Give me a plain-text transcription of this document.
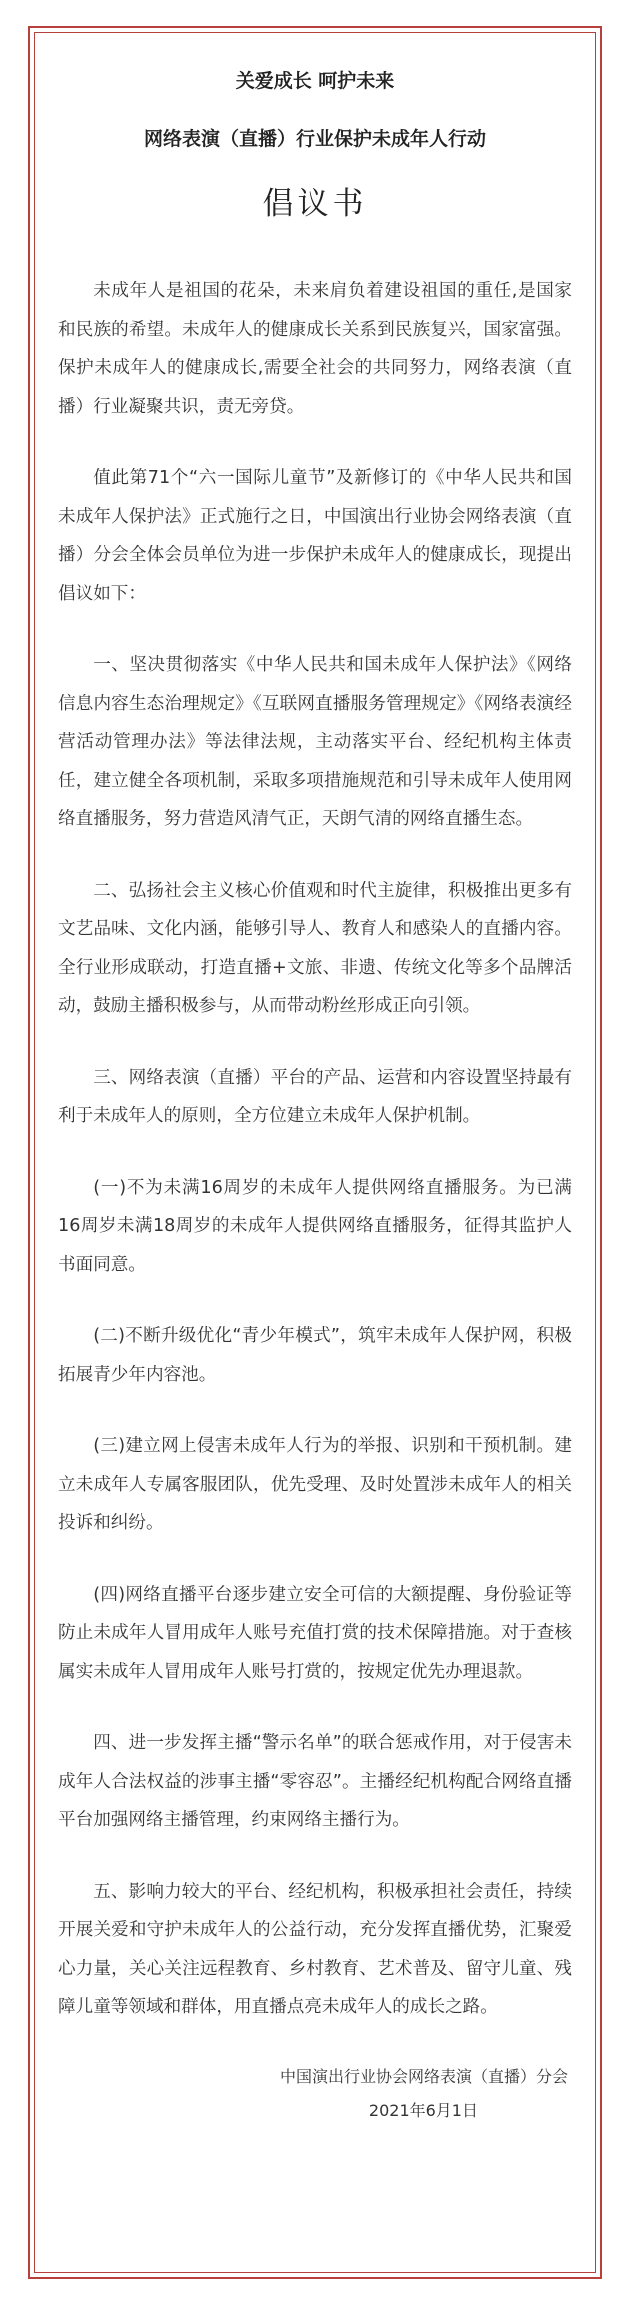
关爱成长 呵护未来
网络表演（直播）行业保护未成年人行动
倡议书

未成年人是祖国的花朵，未来肩负着建设祖国的重任,是国家和民族的希望。未成年人的健康成长关系到民族复兴，国家富强。保护未成年人的健康成长,需要全社会的共同努力，网络表演（直播）行业凝聚共识，责无旁贷。

值此第71个“六一国际儿童节”及新修订的《中华人民共和国未成年人保护法》正式施行之日，中国演出行业协会网络表演（直播）分会全体会员单位为进一步保护未成年人的健康成长，现提出倡议如下：

一、坚决贯彻落实《中华人民共和国未成年人保护法》《网络信息内容生态治理规定》《互联网直播服务管理规定》《网络表演经营活动管理办法》等法律法规，主动落实平台、经纪机构主体责任，建立健全各项机制，采取多项措施规范和引导未成年人使用网络直播服务，努力营造风清气正，天朗气清的网络直播生态。

二、弘扬社会主义核心价值观和时代主旋律，积极推出更多有文艺品味、文化内涵，能够引导人、教育人和感染人的直播内容。全行业形成联动，打造直播+文旅、非遗、传统文化等多个品牌活动，鼓励主播积极参与，从而带动粉丝形成正向引领。

三、网络表演（直播）平台的产品、运营和内容设置坚持最有利于未成年人的原则，全方位建立未成年人保护机制。

(一)不为未满16周岁的未成年人提供网络直播服务。为已满16周岁未满18周岁的未成年人提供网络直播服务，征得其监护人书面同意。

(二)不断升级优化“青少年模式”，筑牢未成年人保护网，积极拓展青少年内容池。

(三)建立网上侵害未成年人行为的举报、识别和干预机制。建立未成年人专属客服团队，优先受理、及时处置涉未成年人的相关投诉和纠纷。

(四)网络直播平台逐步建立安全可信的大额提醒、身份验证等防止未成年人冒用成年人账号充值打赏的技术保障措施。对于查核属实未成年人冒用成年人账号打赏的，按规定优先办理退款。

四、进一步发挥主播“警示名单”的联合惩戒作用，对于侵害未成年人合法权益的涉事主播“零容忍”。主播经纪机构配合网络直播平台加强网络主播管理，约束网络主播行为。

五、影响力较大的平台、经纪机构，积极承担社会责任，持续开展关爱和守护未成年人的公益行动，充分发挥直播优势，汇聚爱心力量，关心关注远程教育、乡村教育、艺术普及、留守儿童、残障儿童等领域和群体，用直播点亮未成年人的成长之路。

中国演出行业协会网络表演（直播）分会
2021年6月1日
